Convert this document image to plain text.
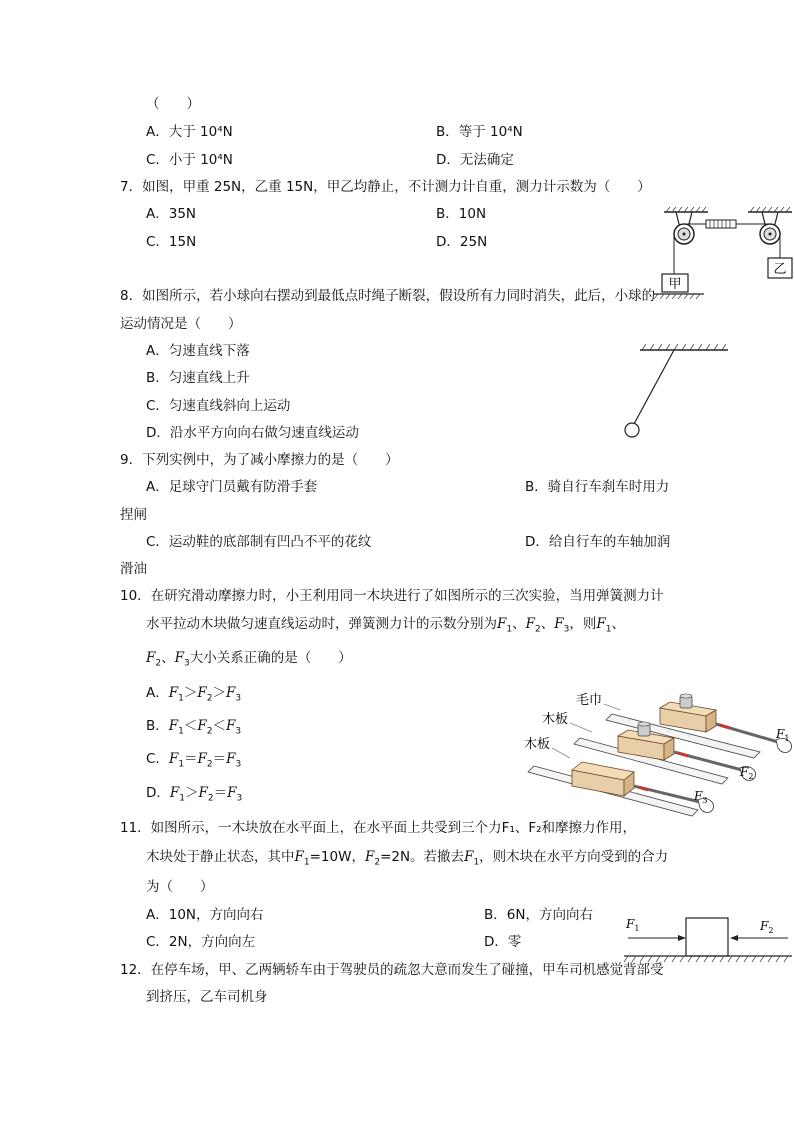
（　　）
A．大于 10⁴N	B．等于 10⁴N
C．小于 10⁴N	D．无法确定
7．如图，甲重 25N，乙重 15N，甲乙均静止，不计测力计自重，测力计示数为（　　）
A．35N	B．10N
C．15N	D．25N
甲
乙
8．如图所示，若小球向右摆动到最低点时绳子断裂，假设所有力同时消失，此后，小球的
运动情况是（　　）
A．匀速直线下落
B．匀速直线上升
C．匀速直线斜向上运动
D．沿水平方向向右做匀速直线运动
9．下列实例中，为了减小摩擦力的是（　　）
A．足球守门员戴有防滑手套	B．骑自行车刹车时用力
捏闸
C．运动鞋的底部制有凹凸不平的花纹	D．给自行车的车轴加润
滑油
10．在研究滑动摩擦力时，小王利用同一木块进行了如图所示的三次实验，当用弹簧测力计
水平拉动木块做匀速直线运动时，弹簧测力计的示数分别为$F_1$、$F_2$、$F_3$，则$F_1$、
$F_2$、$F_3$大小关系正确的是（　　）
A．$F_1>F_2>F_3$
B．$F_1<F_2<F_3$
C．$F_1=F_2=F_3$
D．$F_1>F_2=F_3$
毛巾
木板
木板
$F_1$
$F_2$
$F_3$
11．如图所示，一木块放在水平面上，在水平面上共受到三个力F₁、F₂和摩擦力作用，
木块处于静止状态，其中$F_1=10W$，$F_2=2N$。若撤去$F_1$，则木块在水平方向受到的合力
为（　　）
A．10N，方向向右	B．6N，方向向右
C．2N，方向向左	D．零
$F_1$	$F_2$
12．在停车场，甲、乙两辆轿车由于驾驶员的疏忽大意而发生了碰撞，甲车司机感觉背部受
到挤压，乙车司机身
